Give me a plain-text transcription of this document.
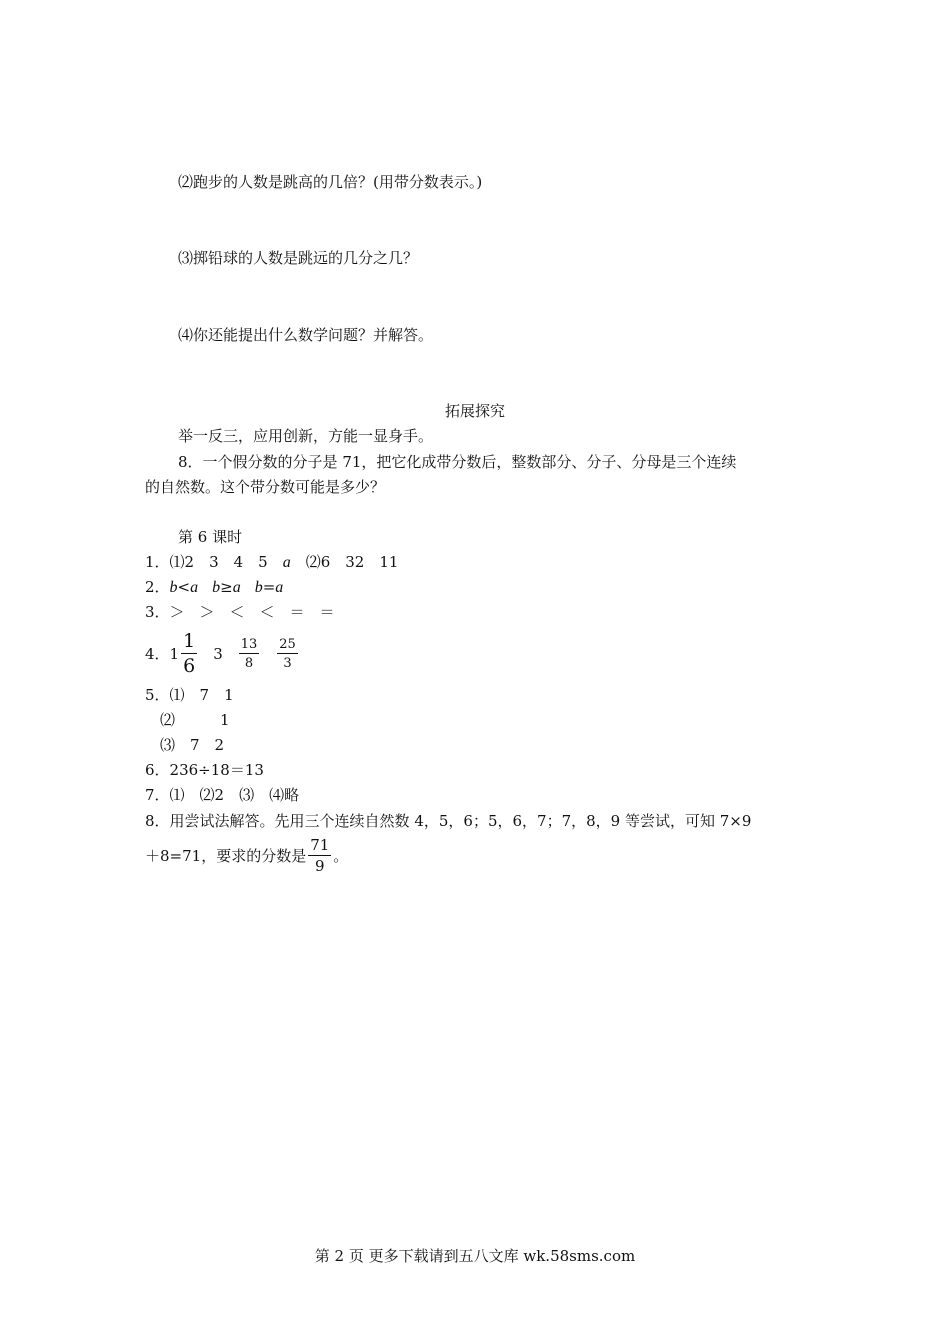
⑵跑步的人数是跳高的几倍？(用带分数表示。)
⑶掷铅球的人数是跳远的几分之几？
⑷你还能提出什么数学问题？并解答。
拓展探究
举一反三，应用创新，方能一显身手。
8．一个假分数的分子是 71，把它化成带分数后，整数部分、分子、分母是三个连续
的自然数。这个带分数可能是多少？
第 6 课时
1．⑴2　3　4　5　a　⑵6　32　11
2．b<a b≥a b=a
3．＞　＞　＜　＜　＝　＝
4． $1 \frac{1}{6} 3 \frac{13}{8} \frac{25}{3}$
5．⑴　7　1
⑵　　　1
⑶　7　2
6．236÷18＝13
7．⑴　⑵2　⑶　⑷略
8．用尝试法解答。先用三个连续自然数 4，5，6；5，6，7；7，8，9 等尝试，可知 7×9
＋8=71，要求的分数是 $\frac{71}{9}$ 。
第 2 页 更多下载请到五八文库 wk.58sms.com
